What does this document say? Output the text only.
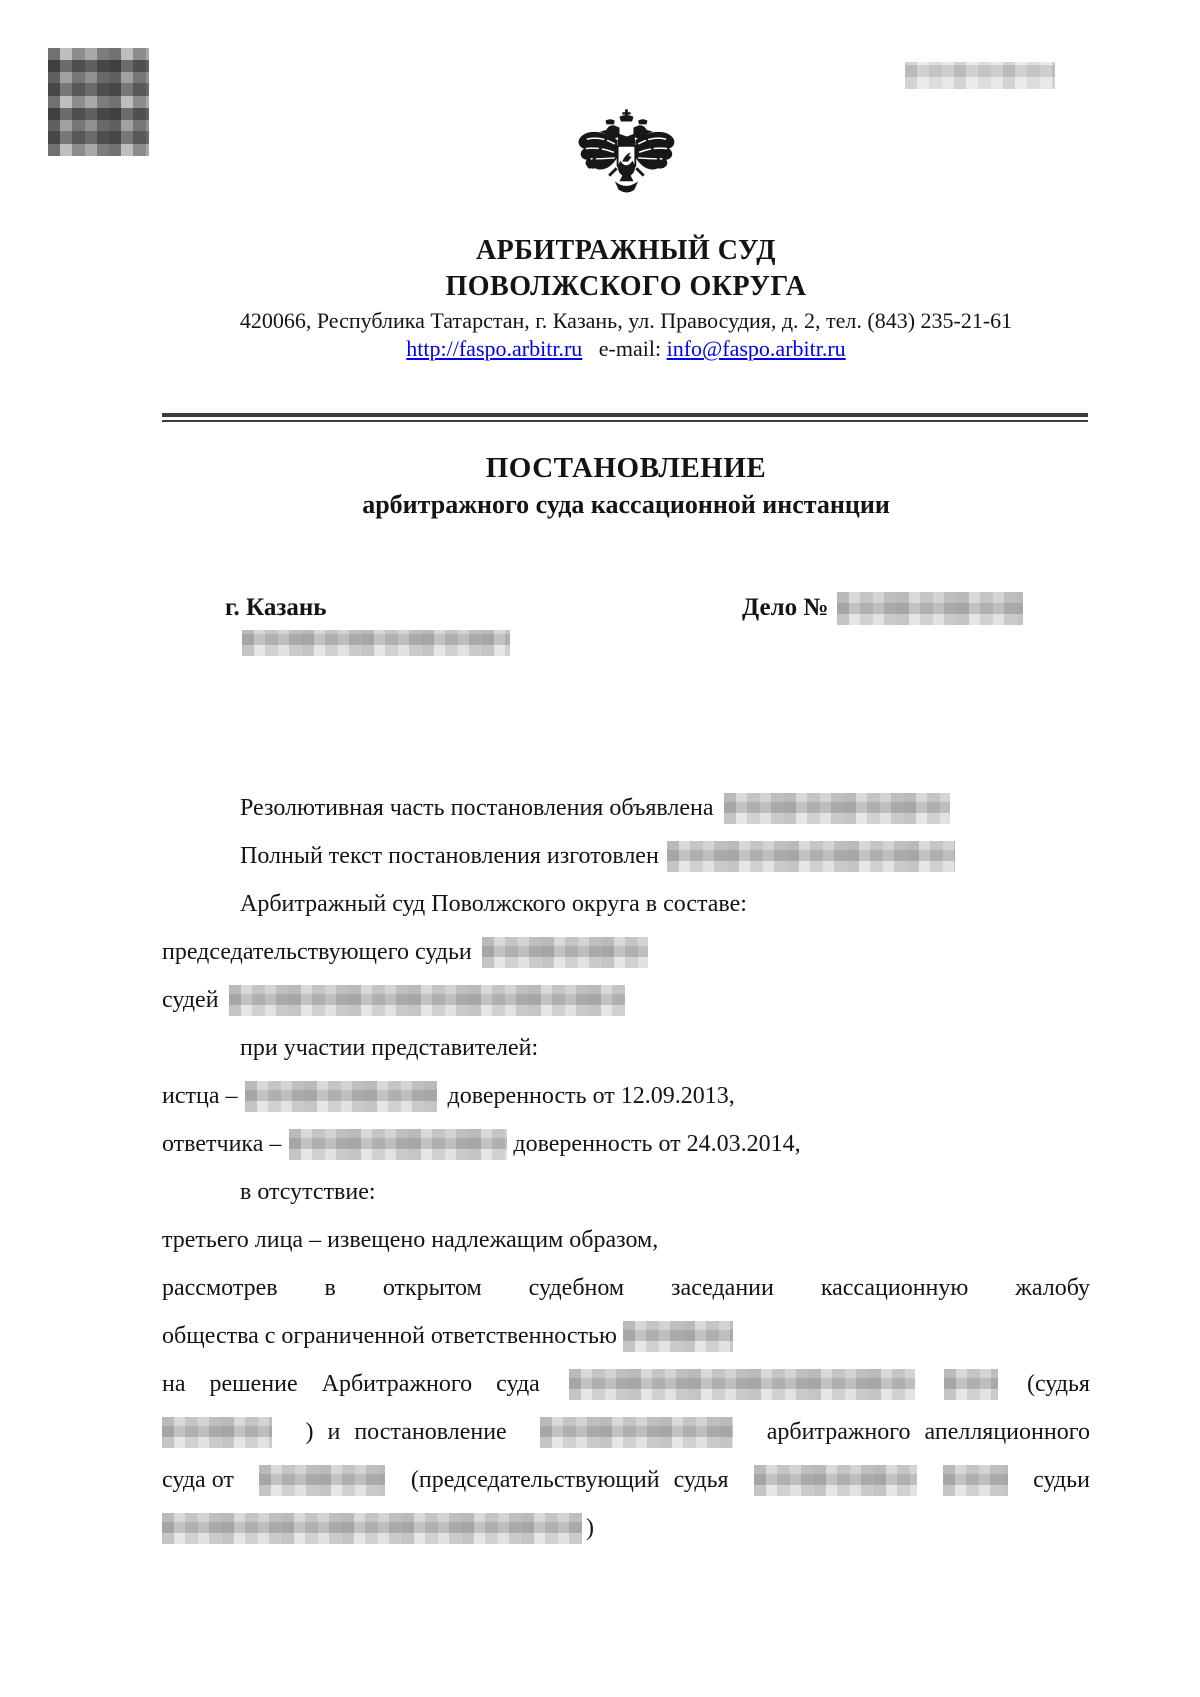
АРБИТРАЖНЫЙ СУД
ПОВОЛЖСКОГО ОКРУГА
420066, Республика Татарстан, г. Казань, ул. Правосудия, д. 2, тел. (843) 235-21-61
http://faspo.arbitr.ru e-mail: info@faspo.arbitr.ru
ПОСТАНОВЛЕНИЕ
арбитражного суда кассационной инстанции
г. Казань	Дело №
Резолютивная часть постановления объявлена
Полный текст постановления изготовлен
Арбитражный суд Поволжского округа в составе:
председательствующего судьи
судей
при участии представителей:
истца –	доверенность от 12.09.2013,
ответчика –	доверенность от 24.03.2014,
в отсутствие:
третьего лица – извещено надлежащим образом,
рассмотрев в открытом судебном заседании кассационную жалобу
общества с ограниченной ответственностью
на решение Арбитражного суда	(судья
) и постановление	арбитражного апелляционного
суда от	(председательствующий судья	судьи
)
